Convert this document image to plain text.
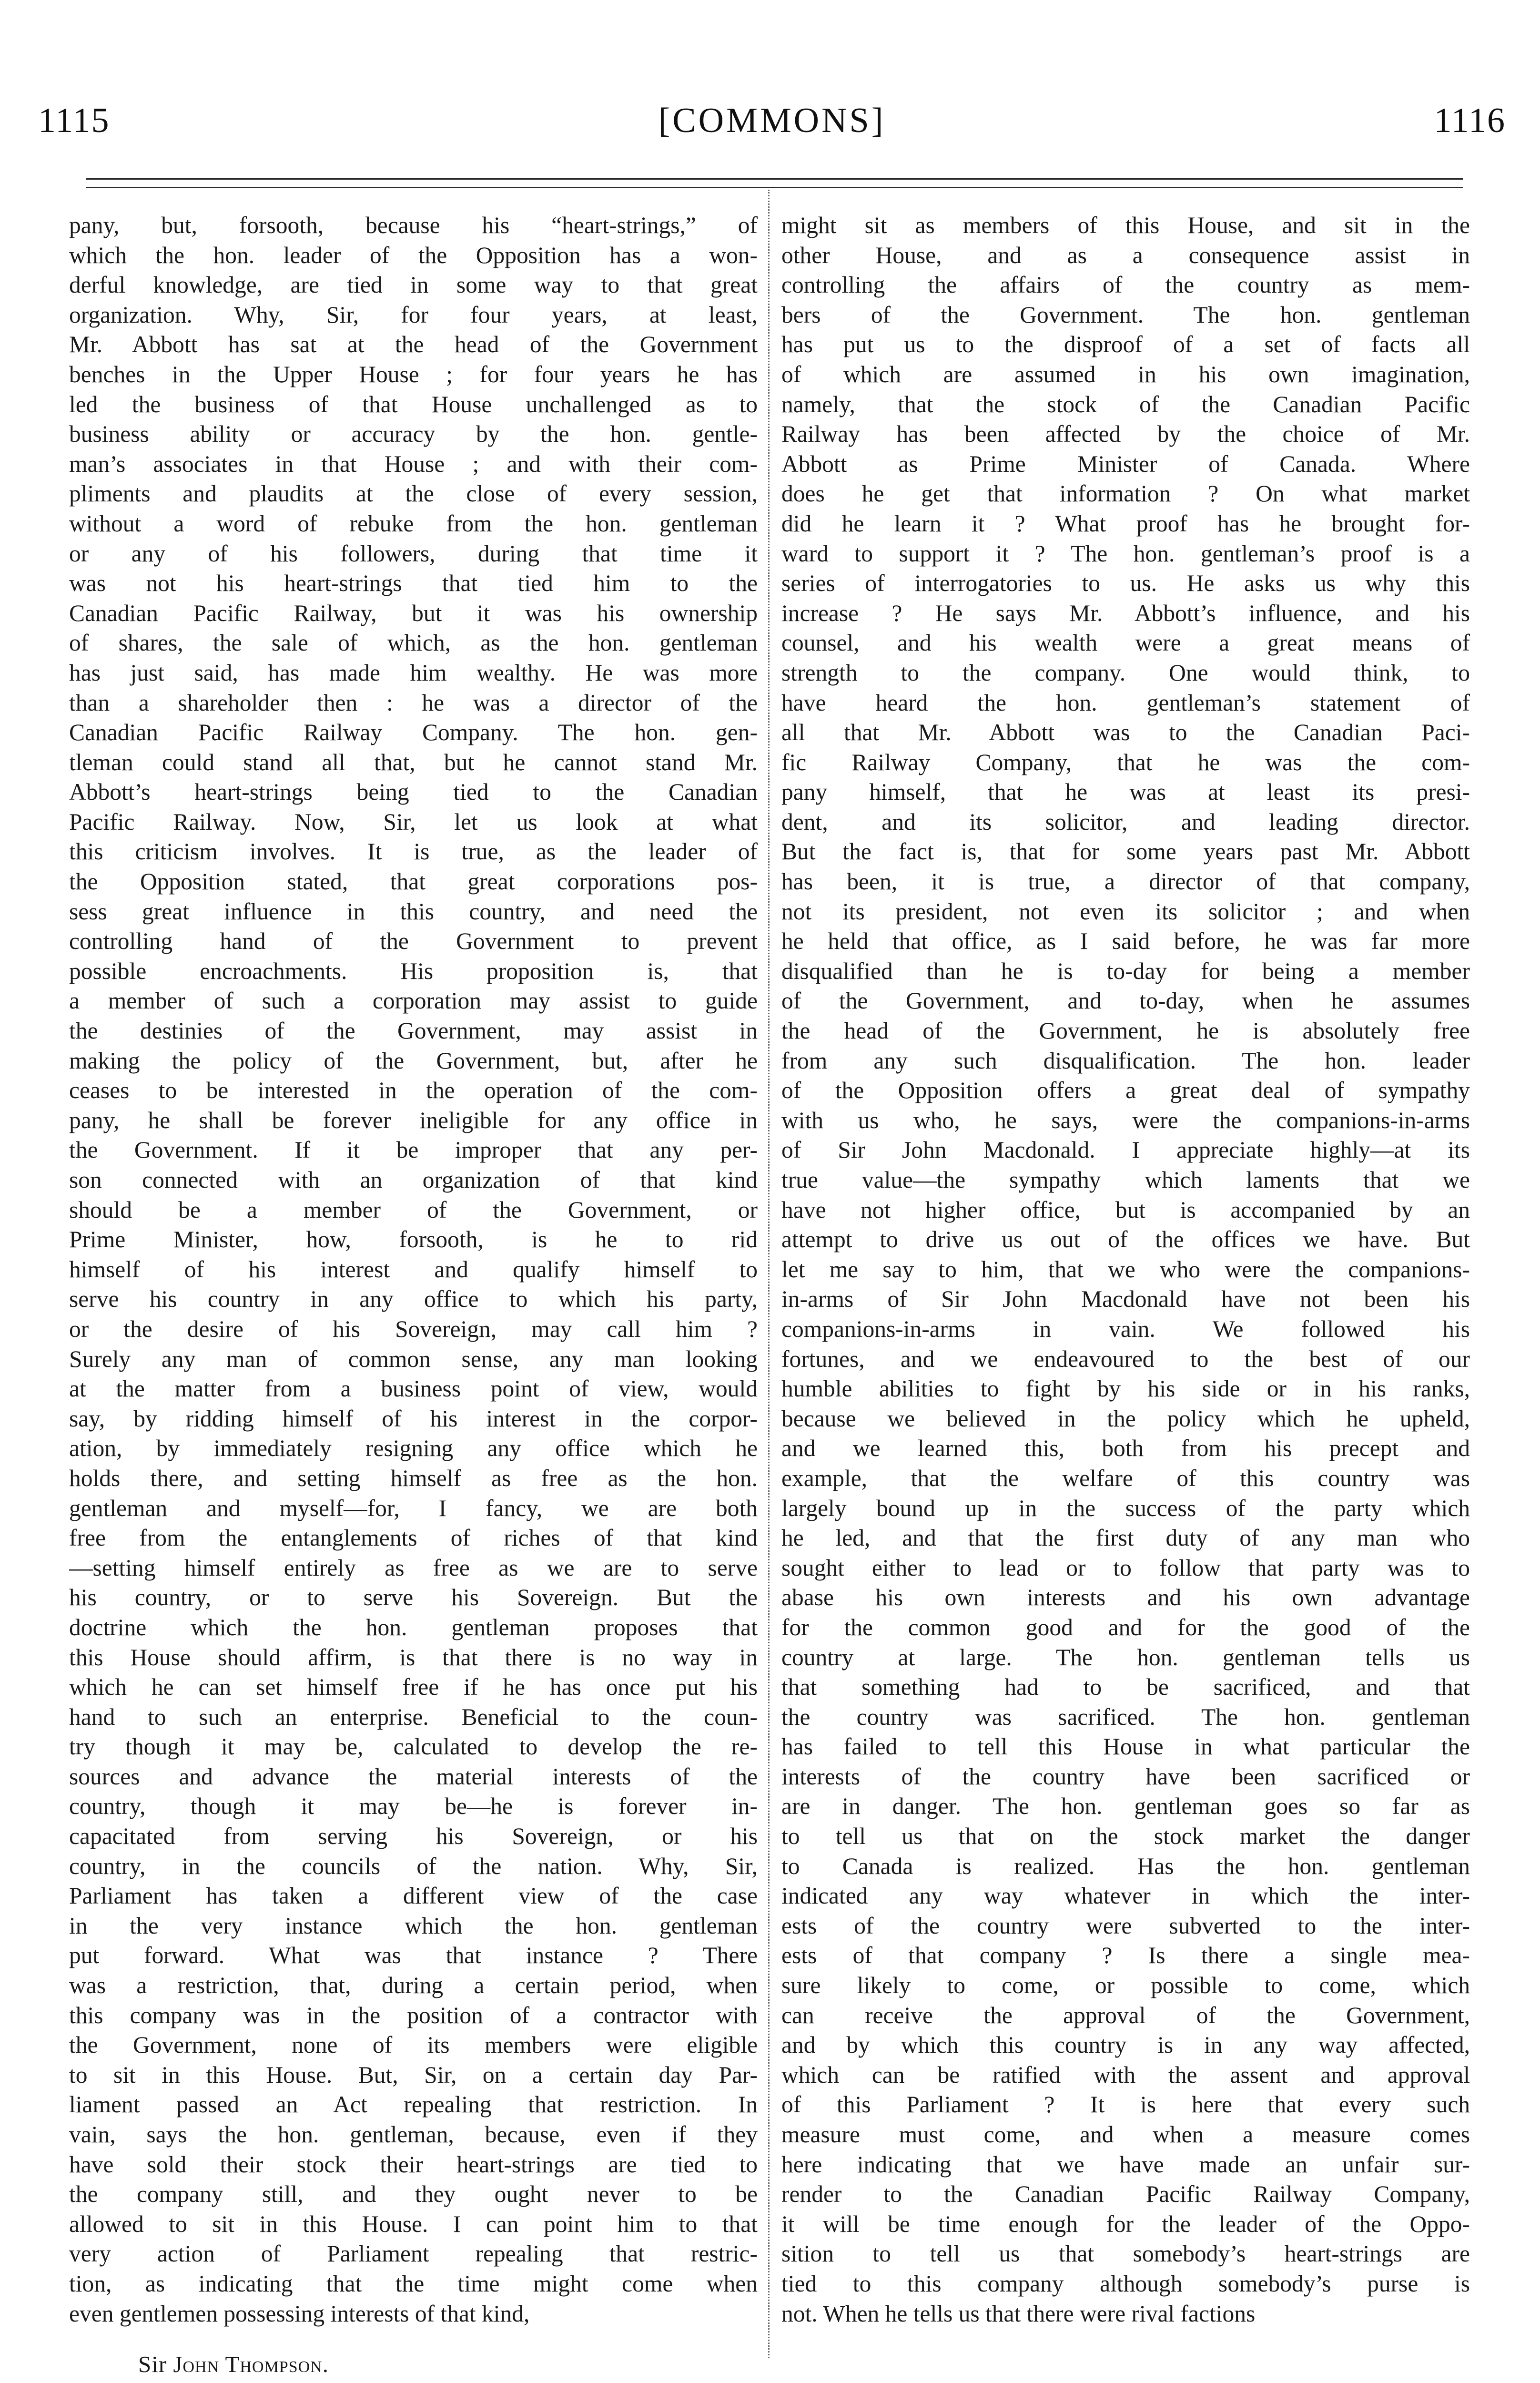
1115	[COMMONS]	1116
pany, but, forsooth, because his “heart-strings,” of
which the hon. leader of the Opposition has a won-
derful knowledge, are tied in some way to that great
organization. Why, Sir, for four years, at least,
Mr. Abbott has sat at the head of the Government
benches in the Upper House ; for four years he has
led the business of that House unchallenged as to
business ability or accuracy by the hon. gentle-
man’s associates in that House ; and with their com-
pliments and plaudits at the close of every session,
without a word of rebuke from the hon. gentleman
or any of his followers, during that time it
was not his heart-strings that tied him to the
Canadian Pacific Railway, but it was his ownership
of shares, the sale of which, as the hon. gentleman
has just said, has made him wealthy. He was more
than a shareholder then : he was a director of the
Canadian Pacific Railway Company. The hon. gen-
tleman could stand all that, but he cannot stand Mr.
Abbott’s heart-strings being tied to the Canadian
Pacific Railway. Now, Sir, let us look at what
this criticism involves. It is true, as the leader of
the Opposition stated, that great corporations pos-
sess great influence in this country, and need the
controlling hand of the Government to prevent
possible encroachments. His proposition is, that
a member of such a corporation may assist to guide
the destinies of the Government, may assist in
making the policy of the Government, but, after he
ceases to be interested in the operation of the com-
pany, he shall be forever ineligible for any office in
the Government. If it be improper that any per-
son connected with an organization of that kind
should be a member of the Government, or
Prime Minister, how, forsooth, is he to rid
himself of his interest and qualify himself to
serve his country in any office to which his party,
or the desire of his Sovereign, may call him ?
Surely any man of common sense, any man looking
at the matter from a business point of view, would
say, by ridding himself of his interest in the corpor-
ation, by immediately resigning any office which he
holds there, and setting himself as free as the hon.
gentleman and myself—for, I fancy, we are both
free from the entanglements of riches of that kind
—setting himself entirely as free as we are to serve
his country, or to serve his Sovereign. But the
doctrine which the hon. gentleman proposes that
this House should affirm, is that there is no way in
which he can set himself free if he has once put his
hand to such an enterprise. Beneficial to the coun-
try though it may be, calculated to develop the re-
sources and advance the material interests of the
country, though it may be—he is forever in-
capacitated from serving his Sovereign, or his
country, in the councils of the nation. Why, Sir,
Parliament has taken a different view of the case
in the very instance which the hon. gentleman
put forward. What was that instance ? There
was a restriction, that, during a certain period, when
this company was in the position of a contractor with
the Government, none of its members were eligible
to sit in this House. But, Sir, on a certain day Par-
liament passed an Act repealing that restriction. In
vain, says the hon. gentleman, because, even if they
have sold their stock their heart-strings are tied to
the company still, and they ought never to be
allowed to sit in this House. I can point him to that
very action of Parliament repealing that restric-
tion, as indicating that the time might come when
even gentlemen possessing interests of that kind,
might sit as members of this House, and sit in the
other House, and as a consequence assist in
controlling the affairs of the country as mem-
bers of the Government. The hon. gentleman
has put us to the disproof of a set of facts all
of which are assumed in his own imagination,
namely, that the stock of the Canadian Pacific
Railway has been affected by the choice of Mr.
Abbott as Prime Minister of Canada. Where
does he get that information ? On what market
did he learn it ? What proof has he brought for-
ward to support it ? The hon. gentleman’s proof is a
series of interrogatories to us. He asks us why this
increase ? He says Mr. Abbott’s influence, and his
counsel, and his wealth were a great means of
strength to the company. One would think, to
have heard the hon. gentleman’s statement of
all that Mr. Abbott was to the Canadian Paci-
fic Railway Company, that he was the com-
pany himself, that he was at least its presi-
dent, and its solicitor, and leading director.
But the fact is, that for some years past Mr. Abbott
has been, it is true, a director of that company,
not its president, not even its solicitor ; and when
he held that office, as I said before, he was far more
disqualified than he is to-day for being a member
of the Government, and to-day, when he assumes
the head of the Government, he is absolutely free
from any such disqualification. The hon. leader
of the Opposition offers a great deal of sympathy
with us who, he says, were the companions-in-arms
of Sir John Macdonald. I appreciate highly—at its
true value—the sympathy which laments that we
have not higher office, but is accompanied by an
attempt to drive us out of the offices we have. But
let me say to him, that we who were the companions-
in-arms of Sir John Macdonald have not been his
companions-in-arms in vain. We followed his
fortunes, and we endeavoured to the best of our
humble abilities to fight by his side or in his ranks,
because we believed in the policy which he upheld,
and we learned this, both from his precept and
example, that the welfare of this country was
largely bound up in the success of the party which
he led, and that the first duty of any man who
sought either to lead or to follow that party was to
abase his own interests and his own advantage
for the common good and for the good of the
country at large. The hon. gentleman tells us
that something had to be sacrificed, and that
the country was sacrificed. The hon. gentleman
has failed to tell this House in what particular the
interests of the country have been sacrificed or
are in danger. The hon. gentleman goes so far as
to tell us that on the stock market the danger
to Canada is realized. Has the hon. gentleman
indicated any way whatever in which the inter-
ests of the country were subverted to the inter-
ests of that company ? Is there a single mea-
sure likely to come, or possible to come, which
can receive the approval of the Government,
and by which this country is in any way affected,
which can be ratified with the assent and approval
of this Parliament ? It is here that every such
measure must come, and when a measure comes
here indicating that we have made an unfair sur-
render to the Canadian Pacific Railway Company,
it will be time enough for the leader of the Oppo-
sition to tell us that somebody’s heart-strings are
tied to this company although somebody’s purse is
not. When he tells us that there were rival factions
Sir John Thompson.
